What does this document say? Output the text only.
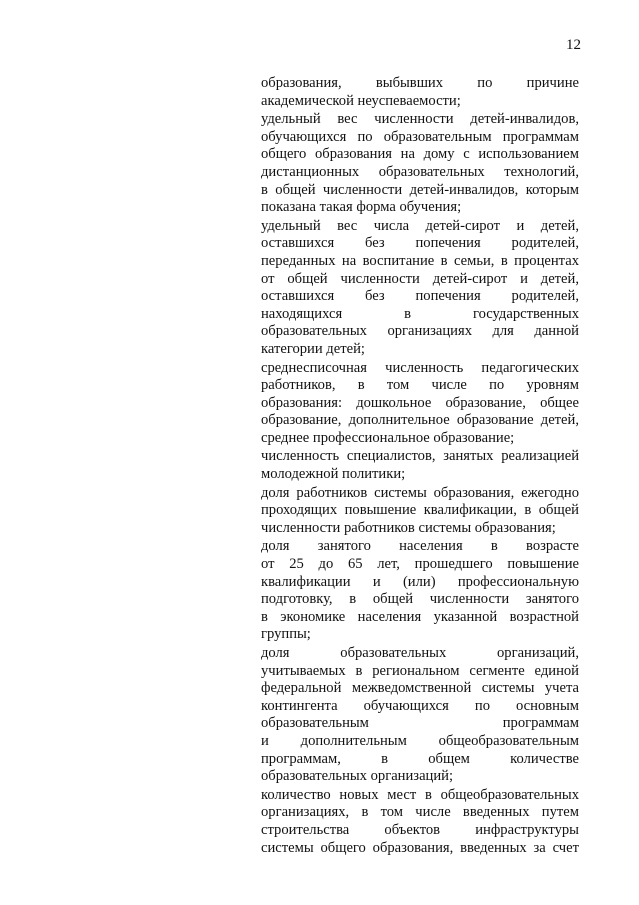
12
образования, выбывших по причине
академической неуспеваемости;
удельный вес численности детей-инвалидов,
обучающихся по образовательным программам
общего образования на дому с использованием
дистанционных образовательных технологий,
в общей численности детей-инвалидов, которым
показана такая форма обучения;
удельный вес числа детей-сирот и детей,
оставшихся без попечения родителей,
переданных на воспитание в семьи, в процентах
от общей численности детей-сирот и детей,
оставшихся без попечения родителей,
находящихся в государственных
образовательных организациях для данной
категории детей;
среднесписочная численность педагогических
работников, в том числе по уровням
образования: дошкольное образование, общее
образование, дополнительное образование детей,
среднее профессиональное образование;
численность специалистов, занятых реализацией
молодежной политики;
доля работников системы образования, ежегодно
проходящих повышение квалификации, в общей
численности работников системы образования;
доля занятого населения в возрасте
от 25 до 65 лет, прошедшего повышение
квалификации и (или) профессиональную
подготовку, в общей численности занятого
в экономике населения указанной возрастной
группы;
доля образовательных организаций,
учитываемых в региональном сегменте единой
федеральной межведомственной системы учета
контингента обучающихся по основным
образовательным программам
и дополнительным общеобразовательным
программам, в общем количестве
образовательных организаций;
количество новых мест в общеобразовательных
организациях, в том числе введенных путем
строительства объектов инфраструктуры
системы общего образования, введенных за счет
